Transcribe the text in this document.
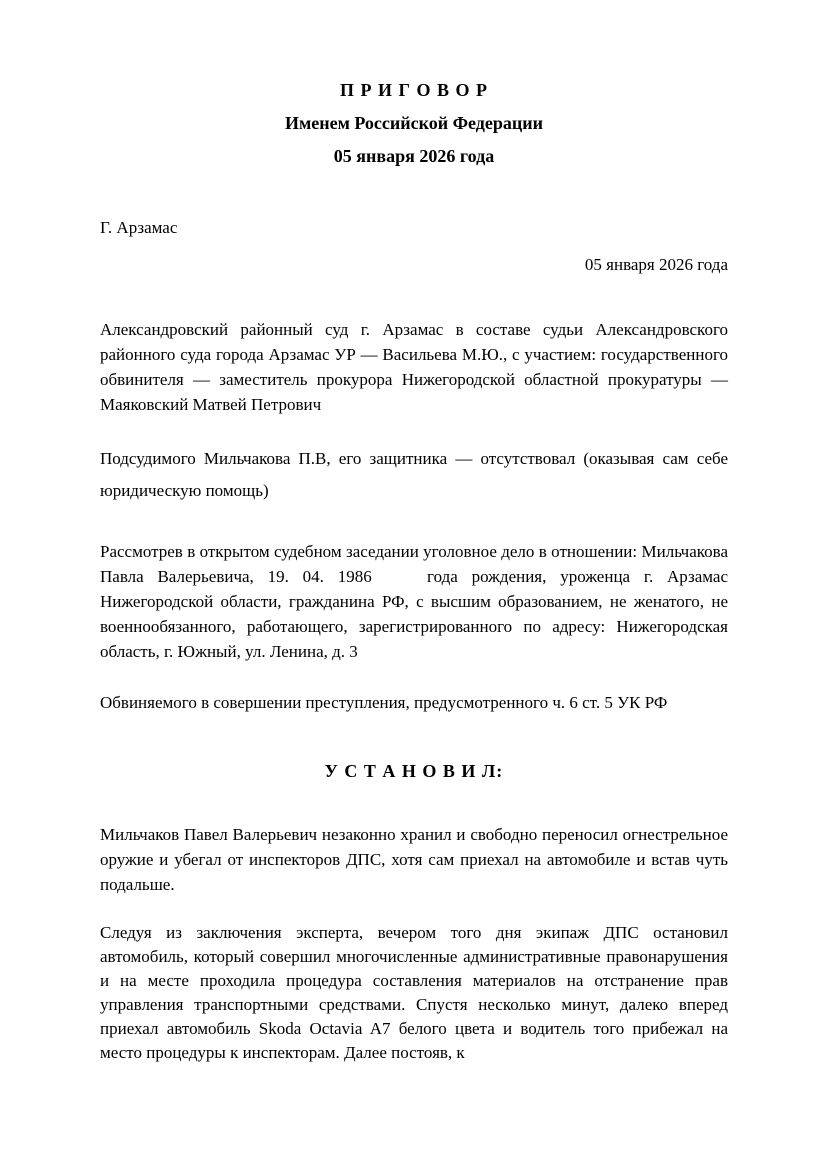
П Р И Г О В О Р

Именем Российской Федерации

05 января 2026 года

Г. Арзамас

05 января 2026 года

Александровский районный суд г. Арзамас в составе судьи Александровского районного суда города Арзамас УР — Васильева М.Ю., с участием: государственного обвинителя — заместитель прокурора Нижегородской областной прокуратуры — Маяковский Матвей Петрович

Подсудимого Мильчакова П.В, его защитника — отсутствовал (оказывая сам себе юридическую помощь)

Рассмотрев в открытом судебном заседании уголовное дело в отношении: Мильчакова Павла Валерьевича, 19. 04. 1986    года рождения, уроженца г. Арзамас Нижегородской области, гражданина РФ, с высшим образованием, не женатого, не военнообязанного, работающего, зарегистрированного по адресу: Нижегородская область, г. Южный, ул. Ленина, д. 3

Обвиняемого в совершении преступления, предусмотренного ч. 6 ст. 5 УК РФ

У С Т А Н О В И Л:

Мильчаков Павел Валерьевич незаконно хранил и свободно переносил огнестрельное оружие и убегал от инспекторов ДПС, хотя сам приехал на автомобиле и встав чуть подальше.

Следуя из заключения эксперта, вечером того дня экипаж ДПС остановил автомобиль, который совершил многочисленные административные правонарушения и на месте проходила процедура составления материалов на отстранение прав управления транспортными средствами. Спустя несколько минут, далеко вперед приехал автомобиль Skoda Octavia A7 белого цвета и водитель того прибежал на место процедуры к инспекторам. Далее постояв, к
